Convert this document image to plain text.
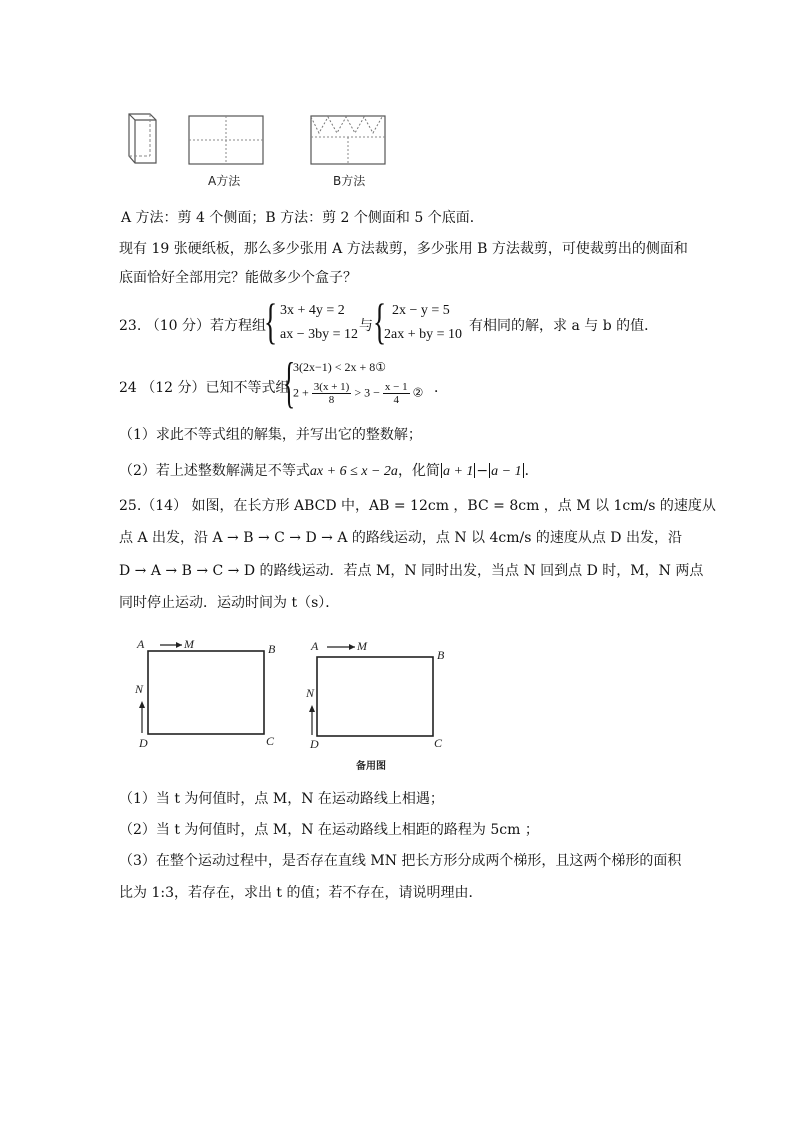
A方法	B方法
A 方法：剪 4 个侧面；B 方法：剪 2 个侧面和 5 个底面．
现有 19 张硬纸板，那么多少张用 A 方法裁剪，多少张用 B 方法裁剪，可使裁剪出的侧面和
底面恰好全部用完？能做多少个盒子？
23. （10 分）若方程组
{ 3x + 4y = 2
ax − 3by = 12
与 { 2x − y = 5
2ax + by = 10
有相同的解，求 a 与 b 的值．
24 （12 分）已知不等式组
{
3(2x−1) < 2x + 8①
$2 + \frac{3(x + 1)}{8} > 3 - \frac{x - 1}{4}$ ② ．
（1）求此不等式组的解集，并写出它的整数解；
（2）若上述整数解满足不等式ax + 6 ≤ x − 2a，化简 a + 1 − a − 1 ．
25.（14） 如图，在长方形 ABCD 中，AB = 12cm ，BC = 8cm ，点 M 以 1cm/s 的速度从
点 A 出发，沿 A → B → C → D → A 的路线运动，点 N 以 4cm/s 的速度从点 D 出发，沿
D → A → B → C → D 的路线运动．若点 M，N 同时出发，当点 N 回到点 D 时，M，N 两点
同时停止运动．运动时间为 t（s）．
A	M	B
N
D	C
A	M
B
N
D	C
备用图
（1）当 t 为何值时，点 M，N 在运动路线上相遇；
（2）当 t 为何值时，点 M，N 在运动路线上相距的路程为 5cm ；
（3）在整个运动过程中，是否存在直线 MN 把长方形分成两个梯形，且这两个梯形的面积
比为 1:3，若存在，求出 t 的值；若不存在，请说明理由．
